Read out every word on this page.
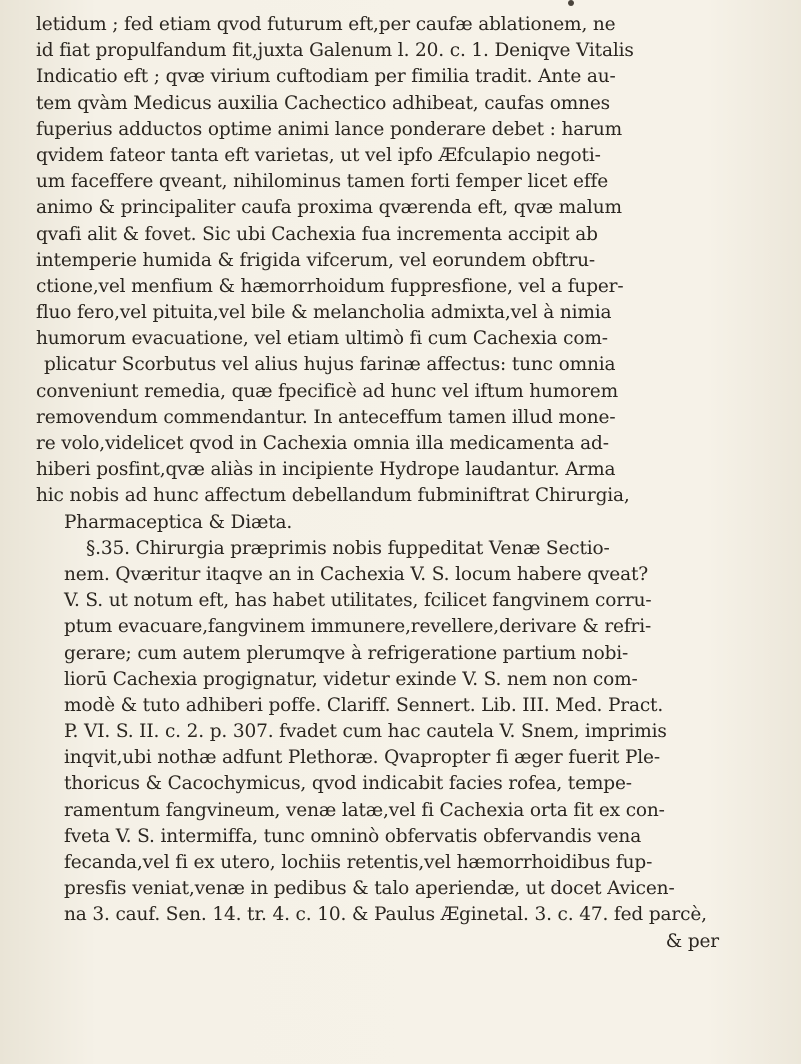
letidum ; fed etiam qvod futurum eft,per caufæ ablationem, ne
id fiat propulfandum fit,juxta Galenum l. 20. c. 1. Deniqve Vitalis
Indicatio eft ; qvæ virium cuftodiam per fimilia tradit. Ante au-
tem qvàm Medicus auxilia Cachectico adhibeat, caufas omnes
fuperius adductos optime animi lance ponderare debet : harum
qvidem fateor tanta eft varietas, ut vel ipfo Æfculapio negoti-
um faceffere qveant, nihilominus tamen forti femper licet effe
animo & principaliter caufa proxima qværenda eft, qvæ malum
qvafi alit & fovet. Sic ubi Cachexia fua incrementa accipit ab
intemperie humida & frigida vifcerum, vel eorundem obftru-
ctione,vel menfium & hæmorrhoidum fuppresfione, vel a fuper-
fluo fero,vel pituita,vel bile & melancholia admixta,vel à nimia
humorum evacuatione, vel etiam ultimò fi cum Cachexia com-
plicatur Scorbutus vel alius hujus farinæ affectus: tunc omnia
conveniunt remedia, quæ fpecificè ad hunc vel iftum humorem
removendum commendantur. In anteceffum tamen illud mone-
re volo,videlicet qvod in Cachexia omnia illa medicamenta ad-
hiberi posfint,qvæ aliàs in incipiente Hydrope laudantur. Arma
hic nobis ad hunc affectum debellandum fubminiftrat Chirurgia,
Pharmaceptica & Diæta.
§.35. Chirurgia præprimis nobis fuppeditat Venæ Sectio-
nem. Qværitur itaqve an in Cachexia V. S. locum habere qveat?
V. S. ut notum eft, has habet utilitates, fcilicet fangvinem corru-
ptum evacuare,fangvinem immunere,revellere,derivare & refri-
gerare; cum autem plerumqve à refrigeratione partium nobi-
liorū Cachexia progignatur, videtur exinde V. S. nem non com-
modè & tuto adhiberi poffe. Clariff. Sennert. Lib. III. Med. Pract.
P. VI. S. II. c. 2. p. 307. fvadet cum hac cautela V. Snem, imprimis
inqvit,ubi nothæ adfunt Plethoræ. Qvapropter fi æger fuerit Ple-
thoricus & Cacochymicus, qvod indicabit facies rofea, tempe-
ramentum fangvineum, venæ latæ,vel fi Cachexia orta fit ex con-
fveta V. S. intermiffa, tunc omninò obfervatis obfervandis vena
fecanda,vel fi ex utero, lochiis retentis,vel hæmorrhoidibus fup-
presfis veniat,venæ in pedibus & talo aperiendæ, ut docet Avicen-
na 3. cauf. Sen. 14. tr. 4. c. 10. & Paulus Æginetal. 3. c. 47. fed parcè,
& per
